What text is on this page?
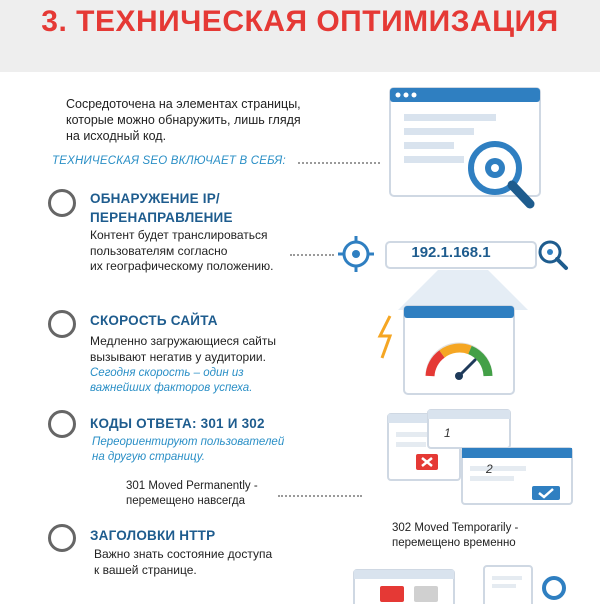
3. ТЕХНИЧЕСКАЯ ОПТИМИЗАЦИЯ
Сосредоточена на элементах страницы,
которые можно обнаружить, лишь глядя
на исходный код.
ТЕХНИЧЕСКАЯ SEO ВКЛЮЧАЕТ В СЕБЯ:
ОБНАРУЖЕНИЕ IP/
ПЕРЕНАПРАВЛЕНИЕ
Контент будет транслироваться
пользователям согласно
их географическому положению.
СКОРОСТЬ САЙТА
Медленно загружающиеся сайты
вызывают негатив у аудитории.
Сегодня скорость – один из
важнейших факторов успеха.
КОДЫ ОТВЕТА: 301 И 302
Переориентируют пользователей
на другую страницу.
301 Moved Permanently -
перемещено навсегда
302 Moved Temporarily -
перемещено временно
ЗАГОЛОВКИ HTTP
Важно знать состояние доступа
к вашей странице.
192.1.168.1
1
2
